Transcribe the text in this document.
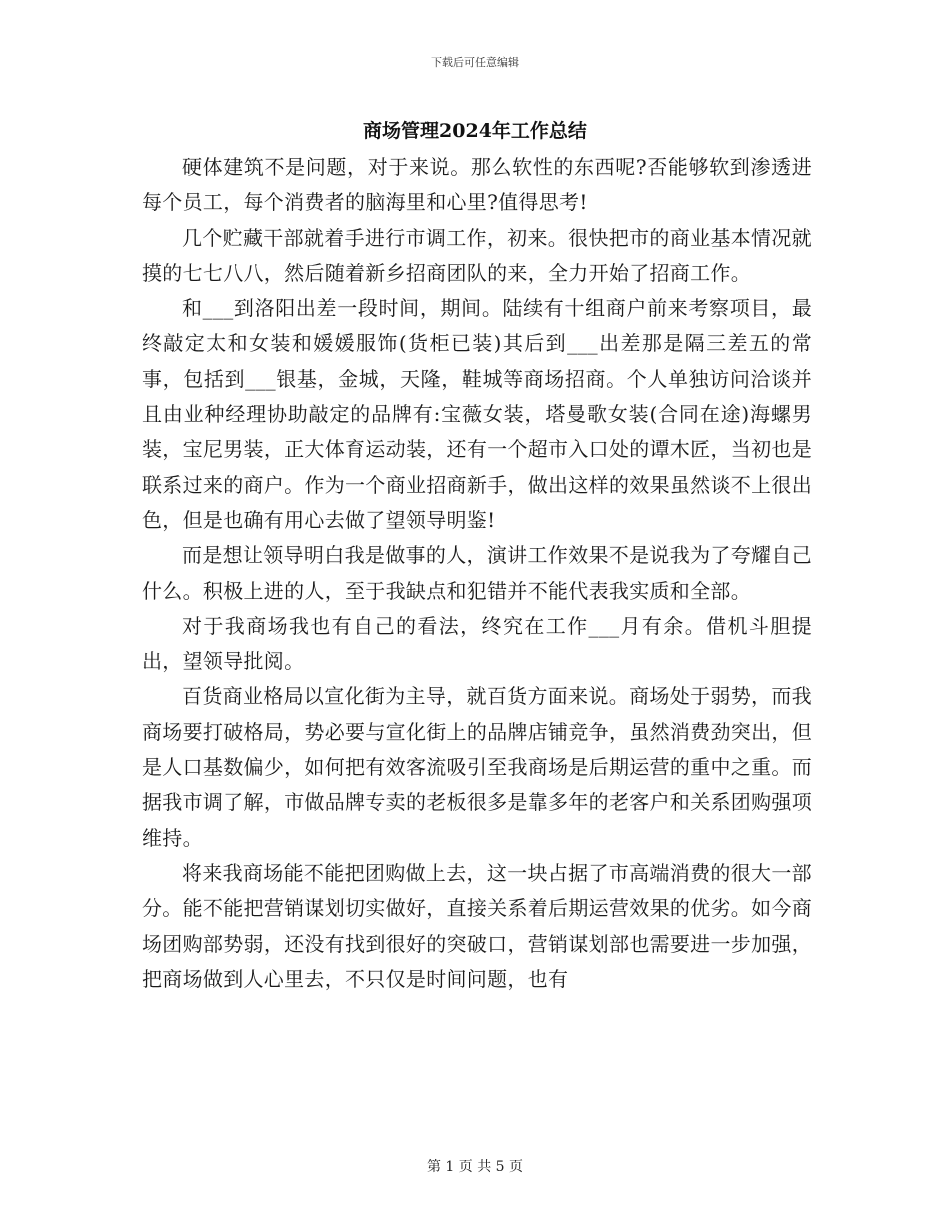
下载后可任意编辑
商场管理2024年工作总结

硬体建筑不是问题，对于来说。那么软性的东西呢?否能够软到渗透进每个员工，每个消费者的脑海里和心里?值得思考!

几个贮藏干部就着手进行市调工作，初来。很快把市的商业基本情况就摸的七七八八，然后随着新乡招商团队的来，全力开始了招商工作。

和___到洛阳出差一段时间，期间。陆续有十组商户前来考察项目，最终敲定太和女装和媛媛服饰(货柜已装)其后到___出差那是隔三差五的常事，包括到___银基，金城，天隆，鞋城等商场招商。个人单独访问洽谈并且由业种经理协助敲定的品牌有:宝薇女装，塔曼歌女装(合同在途)海螺男装，宝尼男装，正大体育运动装，还有一个超市入口处的谭木匠，当初也是联系过来的商户。作为一个商业招商新手，做出这样的效果虽然谈不上很出色，但是也确有用心去做了望领导明鉴!

而是想让领导明白我是做事的人，演讲工作效果不是说我为了夸耀自己什么。积极上进的人，至于我缺点和犯错并不能代表我实质和全部。

对于我商场我也有自己的看法，终究在工作___月有余。借机斗胆提出，望领导批阅。

百货商业格局以宣化街为主导，就百货方面来说。商场处于弱势，而我商场要打破格局，势必要与宣化街上的品牌店铺竞争，虽然消费劲突出，但是人口基数偏少，如何把有效客流吸引至我商场是后期运营的重中之重。而据我市调了解，市做品牌专卖的老板很多是靠多年的老客户和关系团购强项维持。

将来我商场能不能把团购做上去，这一块占据了市高端消费的很大一部分。能不能把营销谋划切实做好，直接关系着后期运营效果的优劣。如今商场团购部势弱，还没有找到很好的突破口，营销谋划部也需要进一步加强，把商场做到人心里去，不只仅是时间问题，也有

第 1 页 共 5 页
